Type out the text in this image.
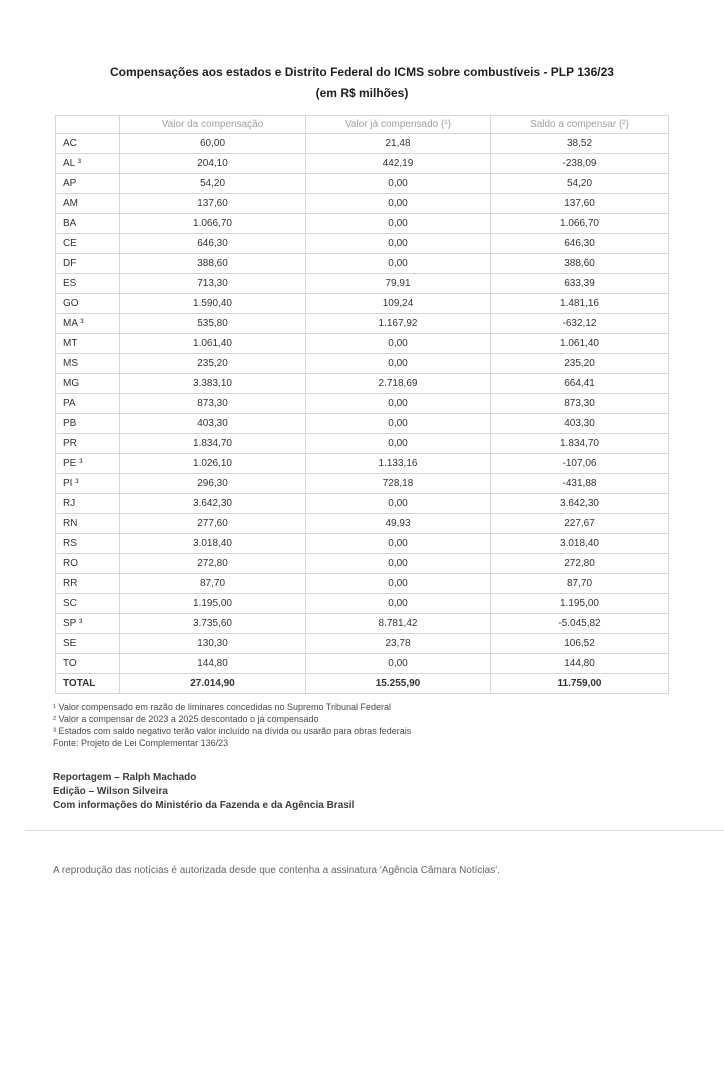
Compensações aos estados e Distrito Federal do ICMS sobre combustíveis - PLP 136/23
(em R$ milhões)
	Valor da compensação	Valor já compensado (¹)	Saldo a compensar (²)
AC	60,00	21,48	38,52
AL ³	204,10	442,19	-238,09
AP	54,20	0,00	54,20
AM	137,60	0,00	137,60
BA	1.066,70	0,00	1.066,70
CE	646,30	0,00	646,30
DF	388,60	0,00	388,60
ES	713,30	79,91	633,39
GO	1.590,40	109,24	1.481,16
MA ³	535,80	1.167,92	-632,12
MT	1.061,40	0,00	1.061,40
MS	235,20	0,00	235,20
MG	3.383,10	2.718,69	664,41
PA	873,30	0,00	873,30
PB	403,30	0,00	403,30
PR	1.834,70	0,00	1.834,70
PE ³	1.026,10	1.133,16	-107,06
PI ³	296,30	728,18	-431,88
RJ	3.642,30	0,00	3.642,30
RN	277,60	49,93	227,67
RS	3.018,40	0,00	3.018,40
RO	272,80	0,00	272,80
RR	87,70	0,00	87,70
SC	1.195,00	0,00	1.195,00
SP ³	3.735,60	8.781,42	-5.045,82
SE	130,30	23,78	106,52
TO	144,80	0,00	144,80
TOTAL	27.014,90	15.255,90	11.759,00
¹ Valor compensado em razão de liminares concedidas no Supremo Tribunal Federal
² Valor a compensar de 2023 a 2025 descontado o já compensado
³ Estados com saldo negativo terão valor incluído na dívida ou usarão para obras federais
Fonte: Projeto de Lei Complementar 136/23
Reportagem – Ralph Machado
Edição – Wilson Silveira
Com informações do Ministério da Fazenda e da Agência Brasil
A reprodução das notícias é autorizada desde que contenha a assinatura 'Agência Câmara Notícias'.
